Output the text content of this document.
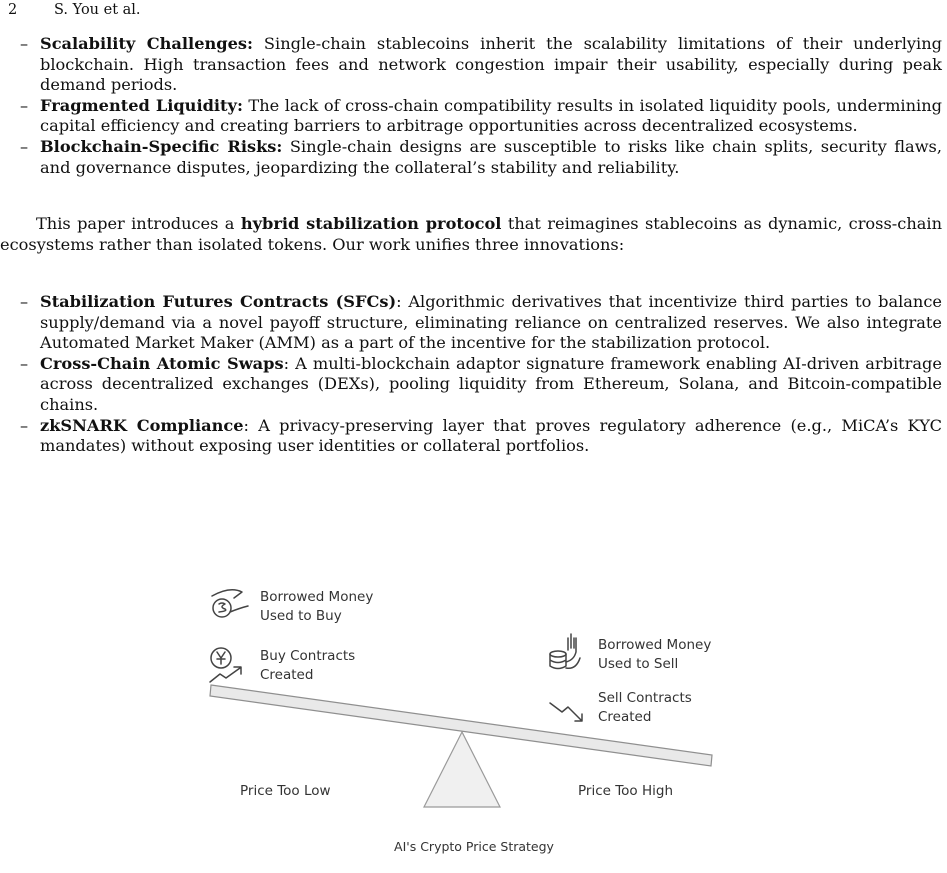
2	S. You et al.
– Scalability Challenges: Single-chain stablecoins inherit the scalability limitations of their underlying blockchain. High transaction fees and network congestion impair their usability, especially during peak demand periods.
– Fragmented Liquidity: The lack of cross-chain compatibility results in isolated liquidity pools, undermining capital efficiency and creating barriers to arbitrage opportunities across decentralized ecosystems.
– Blockchain-Specific Risks: Single-chain designs are susceptible to risks like chain splits, security flaws, and governance disputes, jeopardizing the collateral’s stability and reliability.

This paper introduces a hybrid stabilization protocol that reimagines stablecoins as dynamic, cross-chain ecosystems rather than isolated tokens. Our work unifies three innovations:

– Stabilization Futures Contracts (SFCs): Algorithmic derivatives that incentivize third parties to balance supply/demand via a novel payoff structure, eliminating reliance on centralized reserves. We also integrate Automated Market Maker (AMM) as a part of the incentive for the stabilization protocol.
– Cross-Chain Atomic Swaps: A multi-blockchain adaptor signature framework enabling AI-driven arbitrage across decentralized exchanges (DEXs), pooling liquidity from Ethereum, Solana, and Bitcoin-compatible chains.
– zkSNARK Compliance: A privacy-preserving layer that proves regulatory adherence (e.g., MiCA’s KYC mandates) without exposing user identities or collateral portfolios.
Borrowed Money
Used to Buy
Buy Contracts
Created
Borrowed Money
Used to Sell
Sell Contracts
Created
Price Too Low	Price Too High
AI's Crypto Price Strategy
